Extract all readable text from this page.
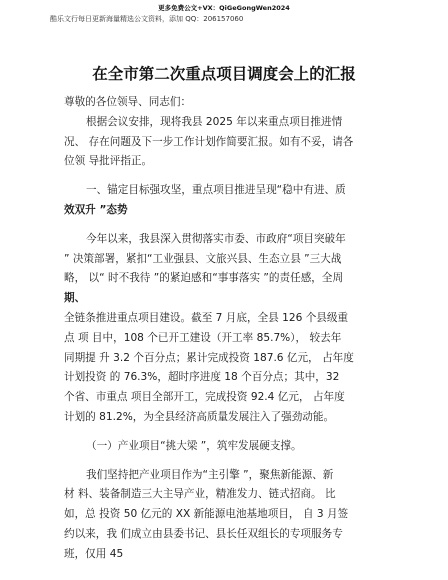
更多免费公文+VX：QiGeGongWen2024
酷乐文行每日更新海量精选公文资料，添加 QQ：206157060
在全市第二次重点项目调度会上的汇报
尊敬的各位领导、同志们：
根据会议安排，现将我县 2025 年以来重点项目推进情
况、 存在问题及下一步工作计划作简要汇报。如有不妥，请各
位领 导批评指正。
一、锚定目标强攻坚，重点项目推进呈现“稳中有进、质
效双升 ”态势
今年以来，我县深入贯彻落实市委、市政府“项目突破年
” 决策部署，紧扣“工业强县、文旅兴县、生态立县 ”三大战
略， 以“ 时不我待 ”的紧迫感和“事事落实 ”的责任感，全周
期、
全链条推进重点项目建设。截至 7 月底，全县 126 个县级重
点 项 目中，108 个已开工建设（开工率 85.7%）， 较去年
同期提 升 3.2 个百分点；累计完成投资 187.6 亿元， 占年度
计划投资 的 76.3%，超时序进度 18 个百分点；其中，32
个省、市重点 项目全部开工，完成投资 92.4 亿元， 占年度
计划的 81.2%，为全县经济高质量发展注入了强劲动能。
（一）产业项目“挑大梁 ”，筑牢发展硬支撑。
我们坚持把产业项目作为“主引擎 ”，聚焦新能源、新
材 料、装备制造三大主导产业，精准发力、链式招商。 比
如，总 投资 50 亿元的 XX 新能源电池基地项目， 自 3 月签
约以来，我 们成立由县委书记、县长任双组长的专项服务专
班，仅用 45
